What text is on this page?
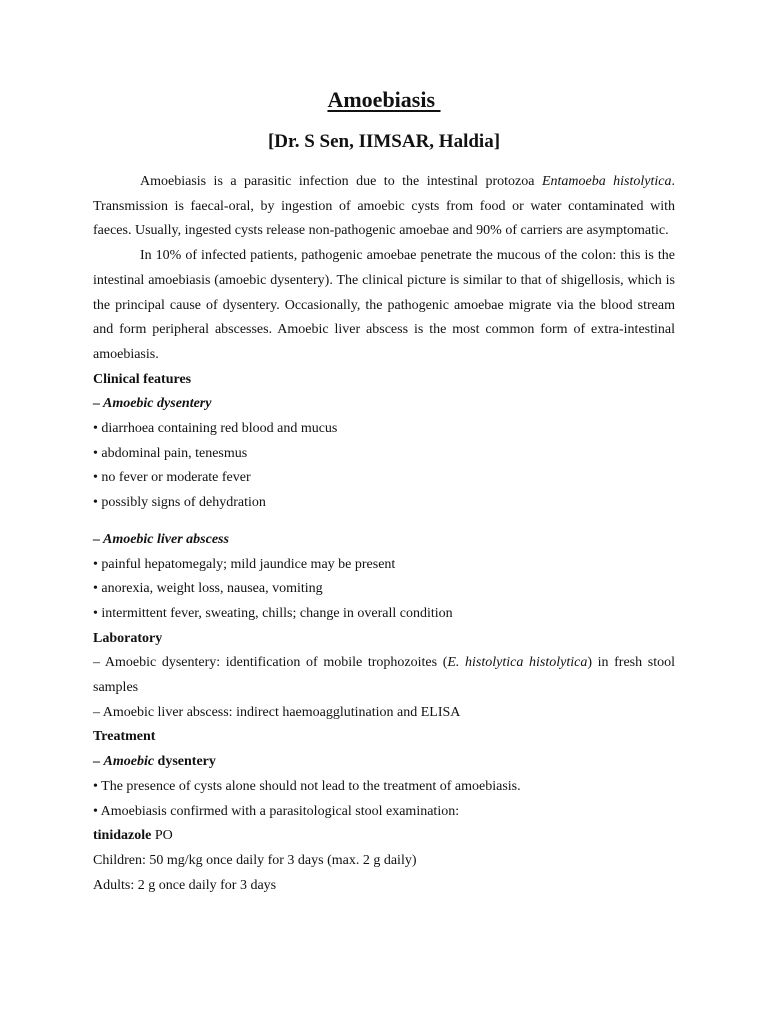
Amoebiasis
[Dr. S Sen, IIMSAR, Haldia]

Amoebiasis is a parasitic infection due to the intestinal protozoa Entamoeba histolytica. Transmission is faecal-oral, by ingestion of amoebic cysts from food or water contaminated with faeces. Usually, ingested cysts release non-pathogenic amoebae and 90% of carriers are asymptomatic.

In 10% of infected patients, pathogenic amoebae penetrate the mucous of the colon: this is the intestinal amoebiasis (amoebic dysentery). The clinical picture is similar to that of shigellosis, which is the principal cause of dysentery. Occasionally, the pathogenic amoebae migrate via the blood stream and form peripheral abscesses. Amoebic liver abscess is the most common form of extra-intestinal amoebiasis.

Clinical features

– Amoebic dysentery

• diarrhoea containing red blood and mucus

• abdominal pain, tenesmus

• no fever or moderate fever

• possibly signs of dehydration

– Amoebic liver abscess

• painful hepatomegaly; mild jaundice may be present

• anorexia, weight loss, nausea, vomiting

• intermittent fever, sweating, chills; change in overall condition

Laboratory

– Amoebic dysentery: identification of mobile trophozoites (E. histolytica histolytica) in fresh stool samples

– Amoebic liver abscess: indirect haemoagglutination and ELISA

Treatment

– Amoebic dysentery

• The presence of cysts alone should not lead to the treatment of amoebiasis.

• Amoebiasis confirmed with a parasitological stool examination:

tinidazole PO

Children: 50 mg/kg once daily for 3 days (max. 2 g daily)

Adults: 2 g once daily for 3 days
